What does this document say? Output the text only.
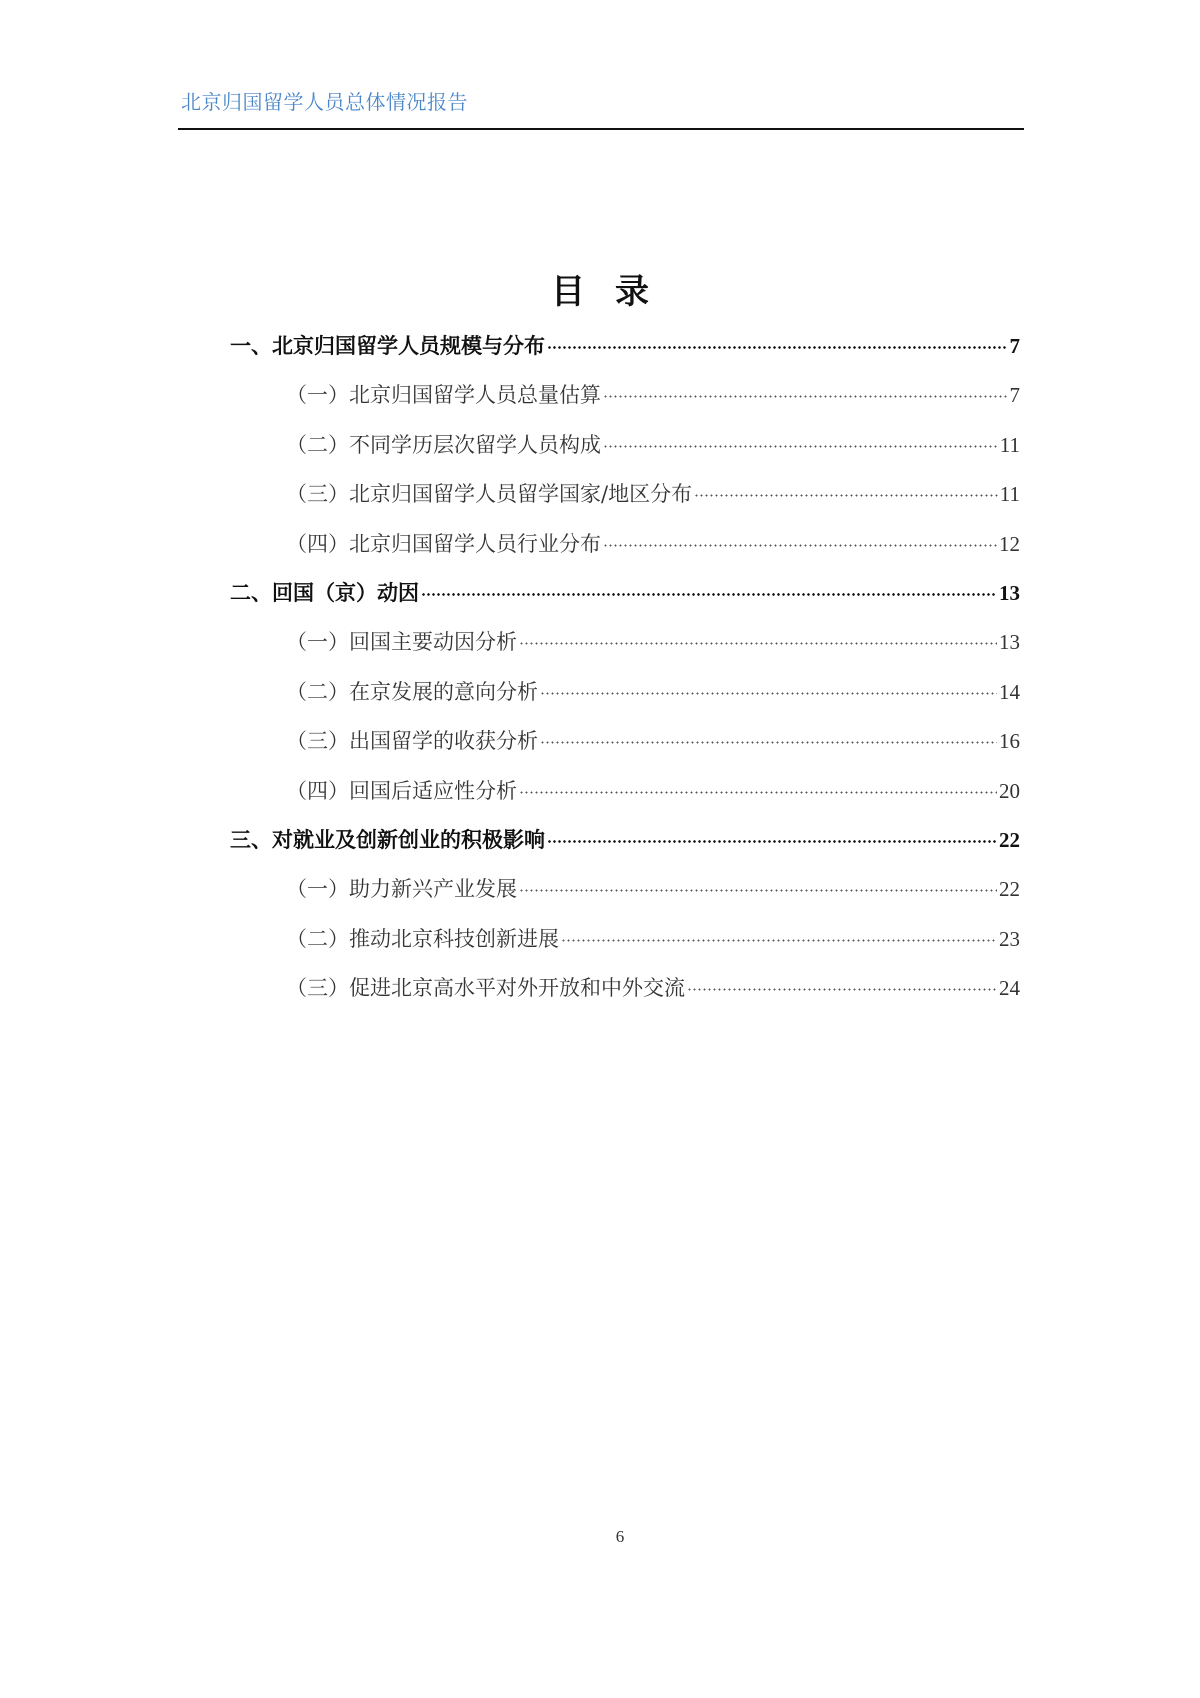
北京归国留学人员总体情况报告
目录
一、北京归国留学人员规模与分布	7
（一）北京归国留学人员总量估算	7
（二）不同学历层次留学人员构成	11
（三）北京归国留学人员留学国家/地区分布	11
（四）北京归国留学人员行业分布	12
二、回国（京）动因	13
（一）回国主要动因分析	13
（二）在京发展的意向分析	14
（三）出国留学的收获分析	16
（四）回国后适应性分析	20
三、对就业及创新创业的积极影响	22
（一）助力新兴产业发展	22
（二）推动北京科技创新进展	23
（三）促进北京高水平对外开放和中外交流	24
6
